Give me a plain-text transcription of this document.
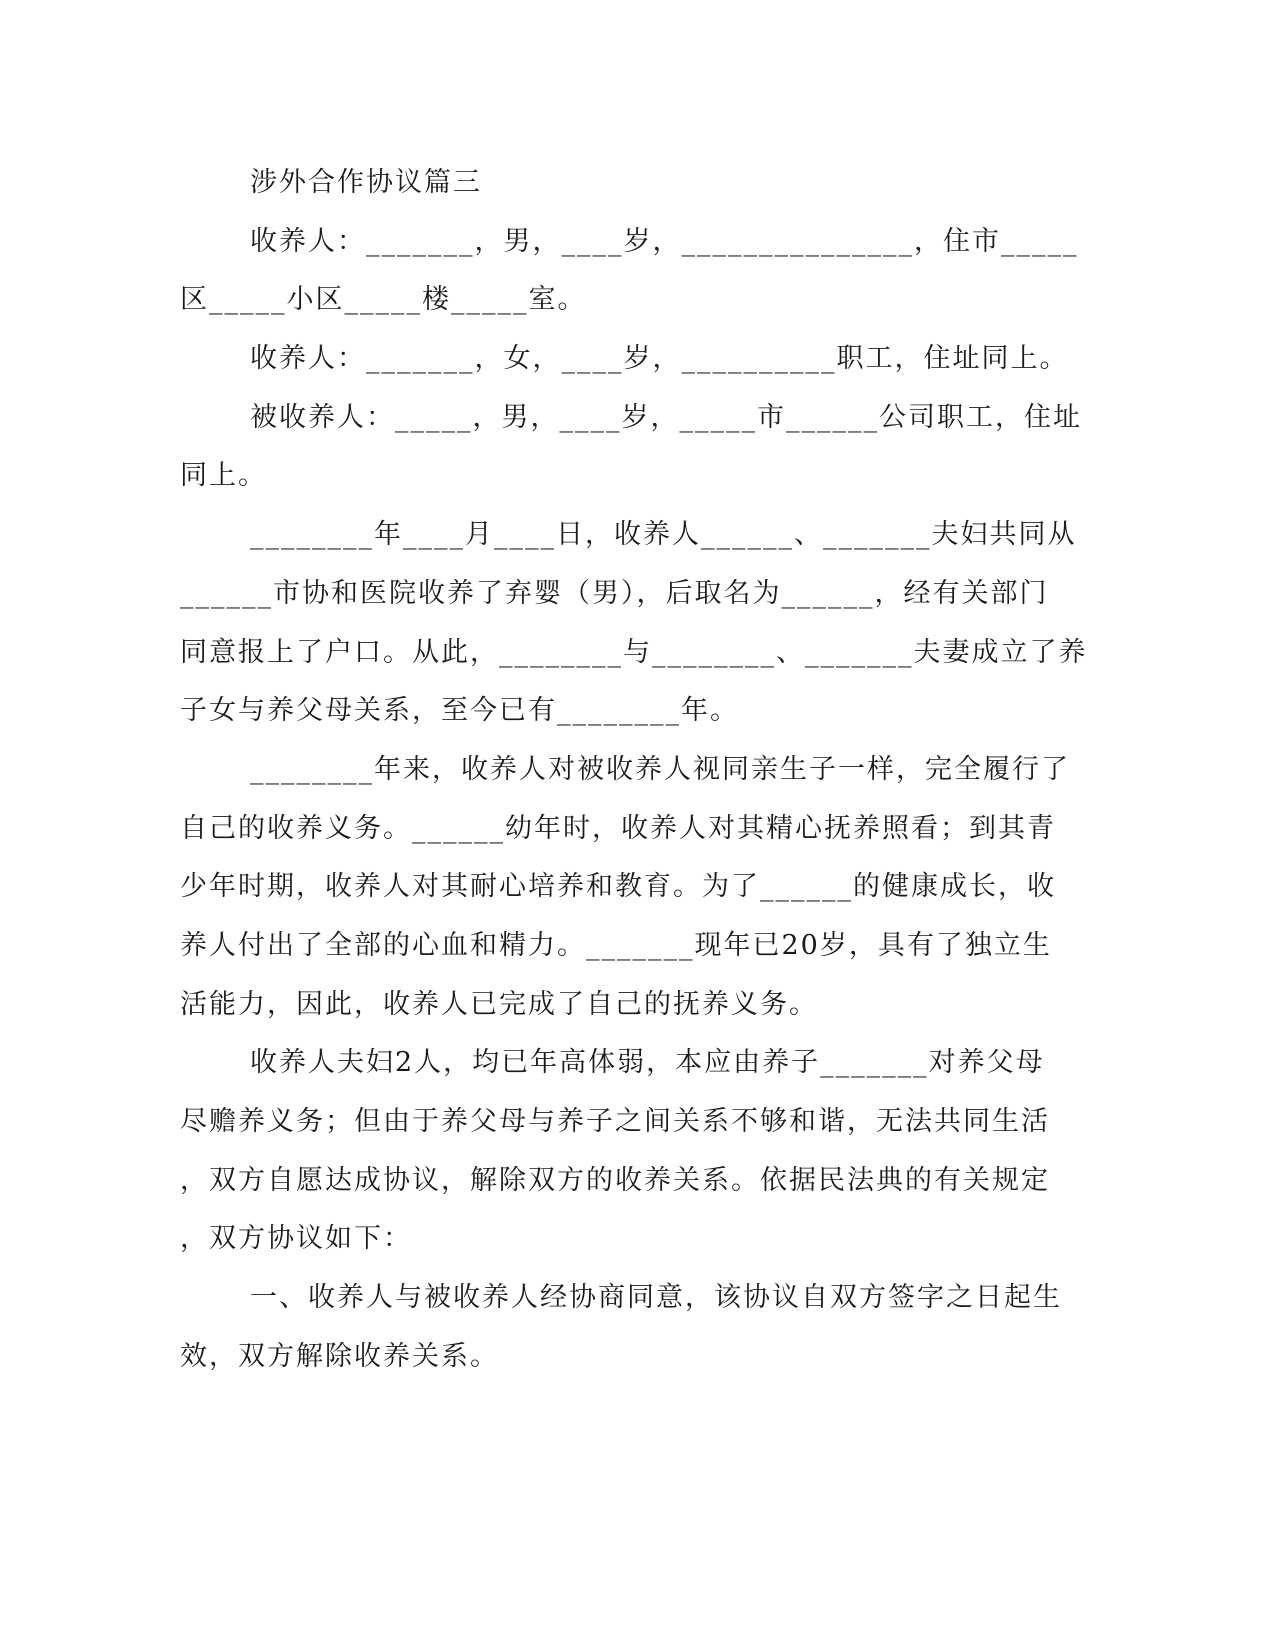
涉外合作协议篇三
收养人：_______，男，____岁，_______________，住市_____
区_____小区_____楼_____室。
收养人：_______，女，____岁，__________职工，住址同上。
被收养人：_____，男，____岁，_____市______公司职工，住址
同上。
________年____月____日，收养人______、_______夫妇共同从
______市协和医院收养了弃婴（男），后取名为______，经有关部门
同意报上了户口。从此，________与________、_______夫妻成立了养
子女与养父母关系，至今已有________年。
________年来，收养人对被收养人视同亲生子一样，完全履行了
自己的收养义务。______幼年时，收养人对其精心抚养照看；到其青
少年时期，收养人对其耐心培养和教育。为了______的健康成长，收
养人付出了全部的心血和精力。_______现年已20岁，具有了独立生
活能力，因此，收养人已完成了自己的抚养义务。
收养人夫妇2人，均已年高体弱，本应由养子_______对养父母
尽赡养义务；但由于养父母与养子之间关系不够和谐，无法共同生活
，双方自愿达成协议，解除双方的收养关系。依据民法典的有关规定
，双方协议如下：
一、收养人与被收养人经协商同意，该协议自双方签字之日起生
效，双方解除收养关系。
